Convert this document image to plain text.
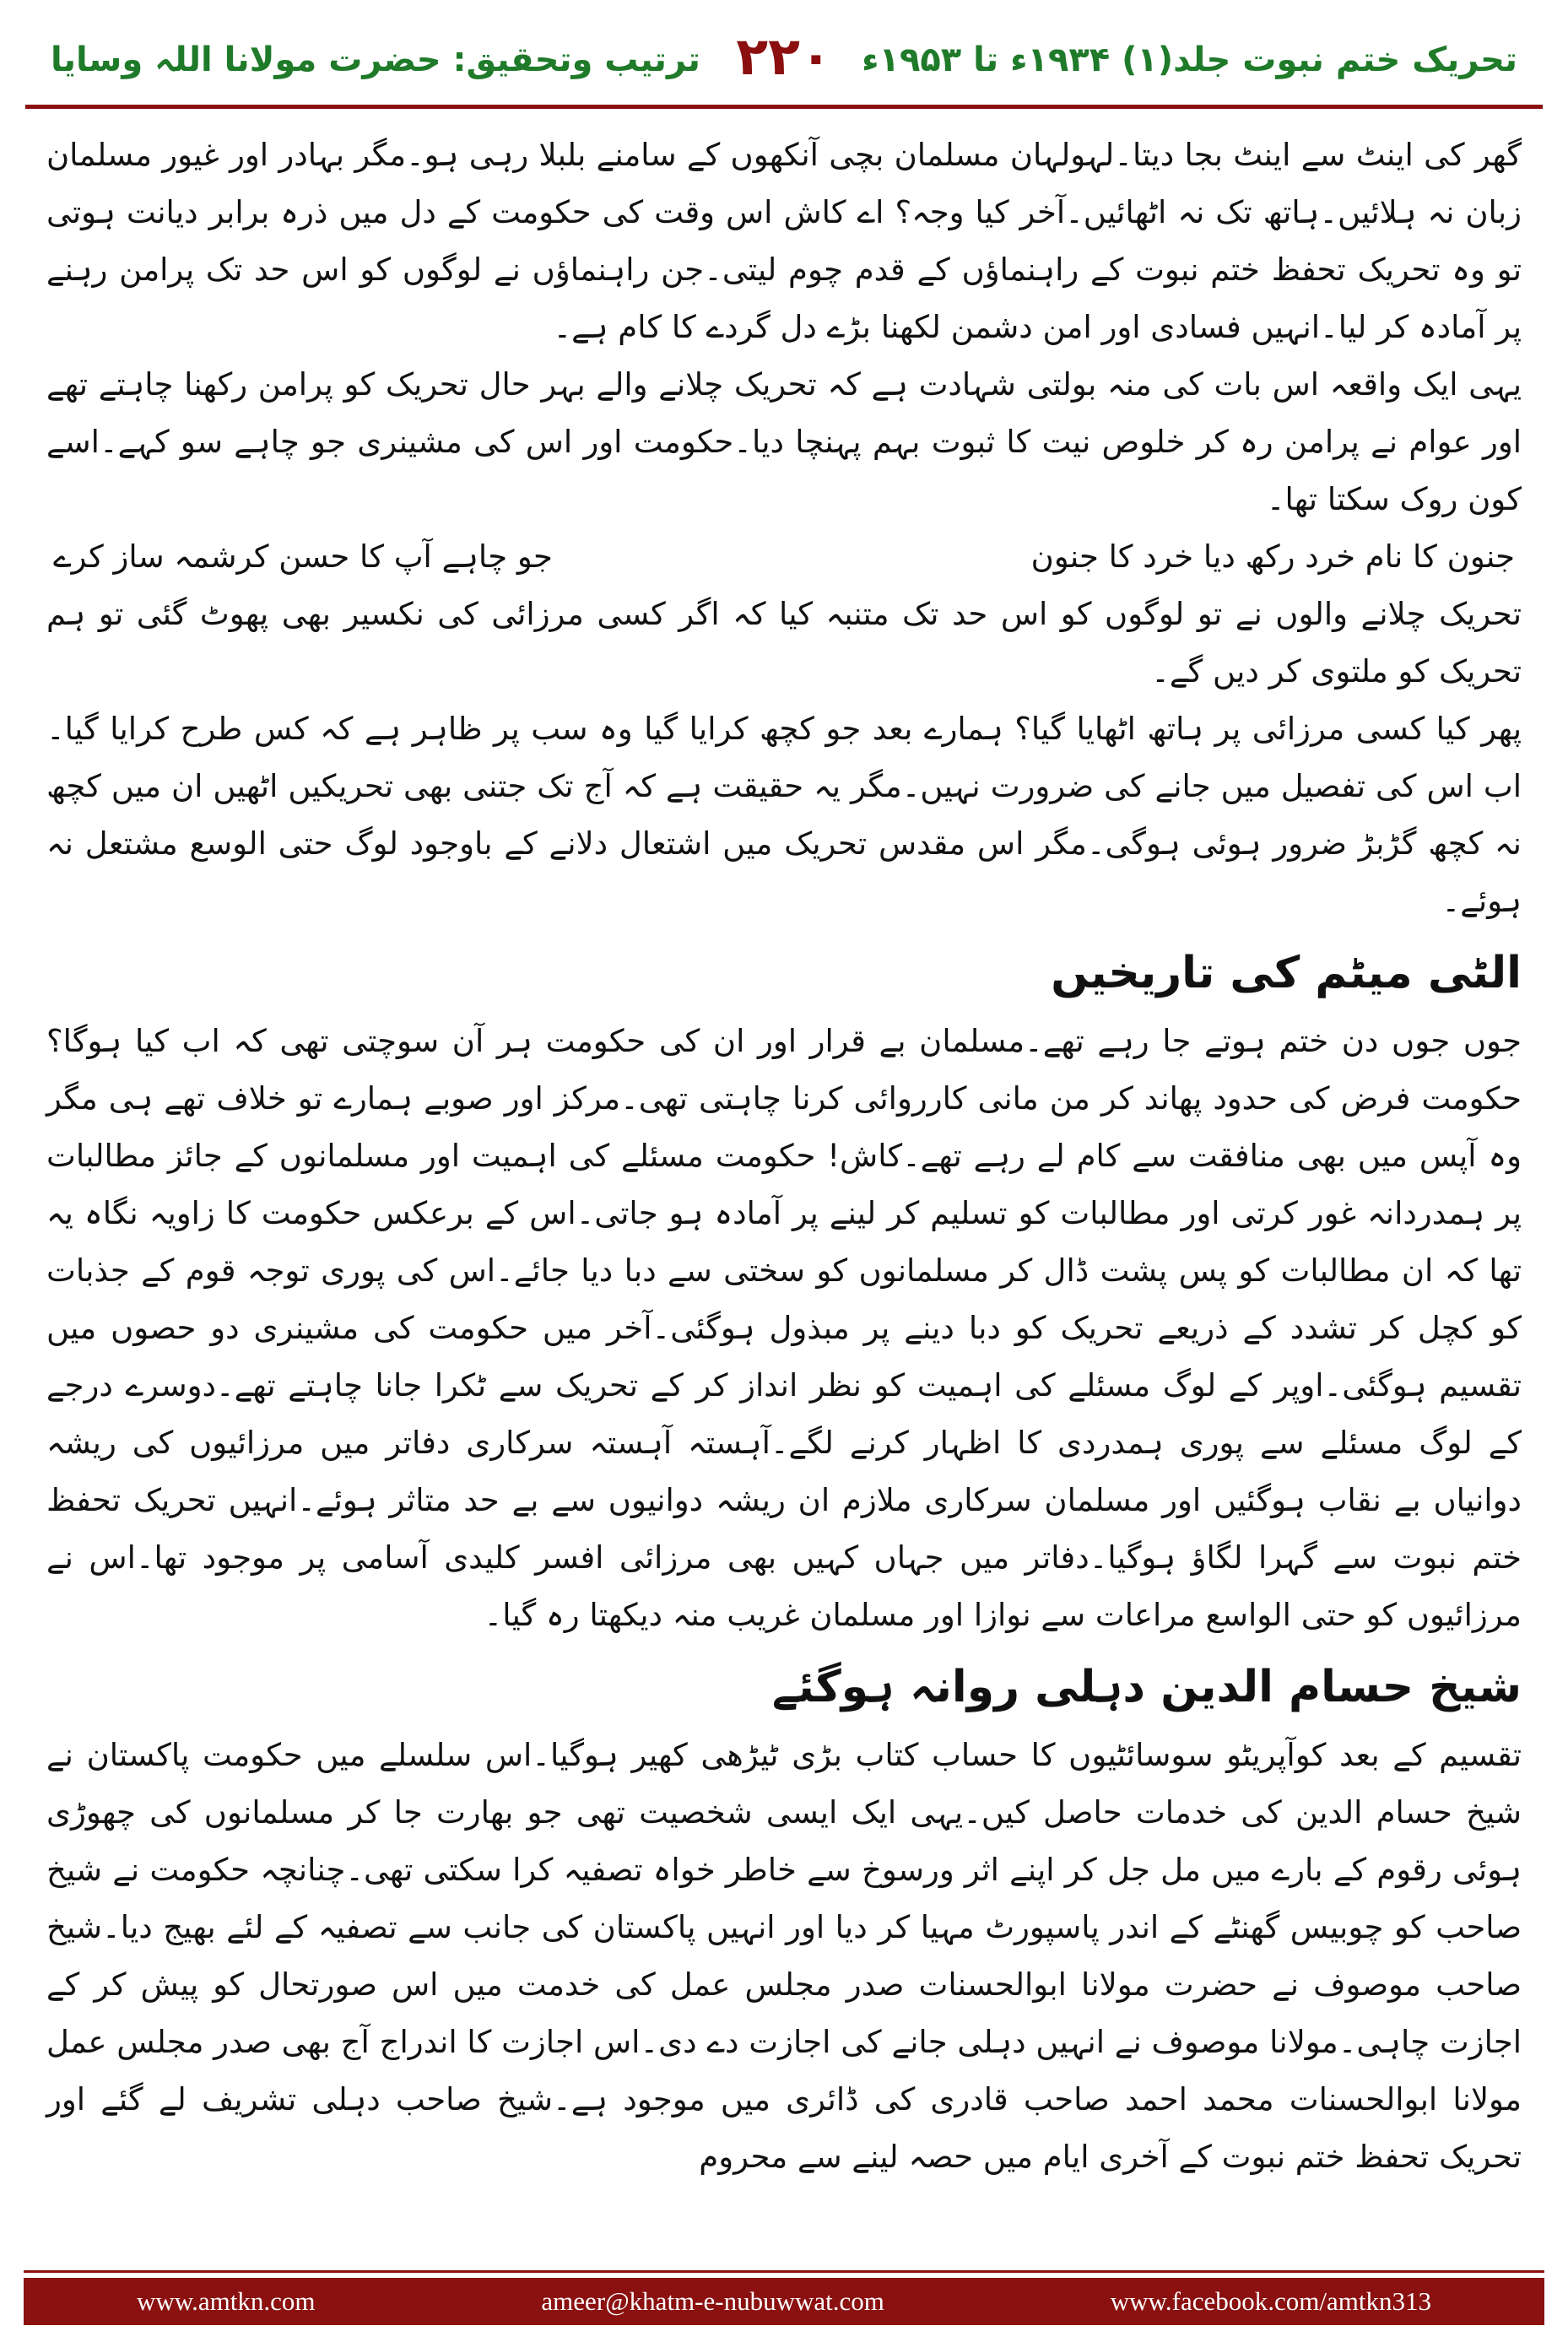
تحریک ختم نبوت جلد(۱) ۱۹۳۴ء تا ۱۹۵۳ء
۲۲۰
ترتیب وتحقیق: حضرت مولانا اللہ وسایا

گھر کی اینٹ سے اینٹ بجا دیتا۔لہولہان مسلمان بچی آنکھوں کے سامنے بلبلا رہی ہو۔مگر بہادر اور غیور مسلمان زبان نہ ہلائیں۔ہاتھ تک نہ اٹھائیں۔آخر کیا وجہ؟ اے کاش اس وقت کی حکومت کے دل میں ذرہ برابر دیانت ہوتی تو وہ تحریک تحفظ ختم نبوت کے راہنماؤں کے قدم چوم لیتی۔جن راہنماؤں نے لوگوں کو اس حد تک پرامن رہنے پر آمادہ کر لیا۔انہیں فسادی اور امن دشمن لکھنا بڑے دل گردے کا کام ہے۔

یہی ایک واقعہ اس بات کی منہ بولتی شہادت ہے کہ تحریک چلانے والے بہر حال تحریک کو پرامن رکھنا چاہتے تھے اور عوام نے پرامن رہ کر خلوص نیت کا ثبوت بہم پہنچا دیا۔حکومت اور اس کی مشینری جو چاہے سو کہے۔اسے کون روک سکتا تھا۔

جنون کا نام خرد رکھ دیا خرد کا جنون
جو چاہے آپ کا حسن کرشمہ ساز کرے

تحریک چلانے والوں نے تو لوگوں کو اس حد تک متنبہ کیا کہ اگر کسی مرزائی کی نکسیر بھی پھوٹ گئی تو ہم تحریک کو ملتوی کر دیں گے۔

پھر کیا کسی مرزائی پر ہاتھ اٹھایا گیا؟ ہمارے بعد جو کچھ کرایا گیا وہ سب پر ظاہر ہے کہ کس طرح کرایا گیا۔اب اس کی تفصیل میں جانے کی ضرورت نہیں۔مگر یہ حقیقت ہے کہ آج تک جتنی بھی تحریکیں اٹھیں ان میں کچھ نہ کچھ گڑبڑ ضرور ہوئی ہوگی۔مگر اس مقدس تحریک میں اشتعال دلانے کے باوجود لوگ حتی الوسع مشتعل نہ ہوئے۔

الٹی میٹم کی تاریخیں

جوں جوں دن ختم ہوتے جا رہے تھے۔مسلمان بے قرار اور ان کی حکومت ہر آن سوچتی تھی کہ اب کیا ہوگا؟ حکومت فرض کی حدود پھاند کر من مانی کارروائی کرنا چاہتی تھی۔مرکز اور صوبے ہمارے تو خلاف تھے ہی مگر وہ آپس میں بھی منافقت سے کام لے رہے تھے۔کاش! حکومت مسئلے کی اہمیت اور مسلمانوں کے جائز مطالبات پر ہمدردانہ غور کرتی اور مطالبات کو تسلیم کر لینے پر آمادہ ہو جاتی۔اس کے برعکس حکومت کا زاویہ نگاہ یہ تھا کہ ان مطالبات کو پس پشت ڈال کر مسلمانوں کو سختی سے دبا دیا جائے۔اس کی پوری توجہ قوم کے جذبات کو کچل کر تشدد کے ذریعے تحریک کو دبا دینے پر مبذول ہوگئی۔آخر میں حکومت کی مشینری دو حصوں میں تقسیم ہوگئی۔اوپر کے لوگ مسئلے کی اہمیت کو نظر انداز کر کے تحریک سے ٹکرا جانا چاہتے تھے۔دوسرے درجے کے لوگ مسئلے سے پوری ہمدردی کا اظہار کرنے لگے۔آہستہ آہستہ سرکاری دفاتر میں مرزائیوں کی ریشہ دوانیاں بے نقاب ہوگئیں اور مسلمان سرکاری ملازم ان ریشہ دوانیوں سے بے حد متاثر ہوئے۔انہیں تحریک تحفظ ختم نبوت سے گہرا لگاؤ ہوگیا۔دفاتر میں جہاں کہیں بھی مرزائی افسر کلیدی آسامی پر موجود تھا۔اس نے مرزائیوں کو حتی الواسع مراعات سے نوازا اور مسلمان غریب منہ دیکھتا رہ گیا۔

شیخ حسام الدین دہلی روانہ ہوگئے

تقسیم کے بعد کوآپریٹو سوسائٹیوں کا حساب کتاب بڑی ٹیڑھی کھیر ہوگیا۔اس سلسلے میں حکومت پاکستان نے شیخ حسام الدین کی خدمات حاصل کیں۔یہی ایک ایسی شخصیت تھی جو بھارت جا کر مسلمانوں کی چھوڑی ہوئی رقوم کے بارے میں مل جل کر اپنے اثر ورسوخ سے خاطر خواہ تصفیہ کرا سکتی تھی۔چنانچہ حکومت نے شیخ صاحب کو چوبیس گھنٹے کے اندر پاسپورٹ مہیا کر دیا اور انہیں پاکستان کی جانب سے تصفیہ کے لئے بھیج دیا۔شیخ صاحب موصوف نے حضرت مولانا ابوالحسنات صدر مجلس عمل کی خدمت میں اس صورتحال کو پیش کر کے اجازت چاہی۔مولانا موصوف نے انہیں دہلی جانے کی اجازت دے دی۔اس اجازت کا اندراج آج بھی صدر مجلس عمل مولانا ابوالحسنات محمد احمد صاحب قادری کی ڈائری میں موجود ہے۔شیخ صاحب دہلی تشریف لے گئے اور تحریک تحفظ ختم نبوت کے آخری ایام میں حصہ لینے سے محروم

www.amtkn.com	ameer@khatm-e-nubuwwat.com	www.facebook.com/amtkn313
